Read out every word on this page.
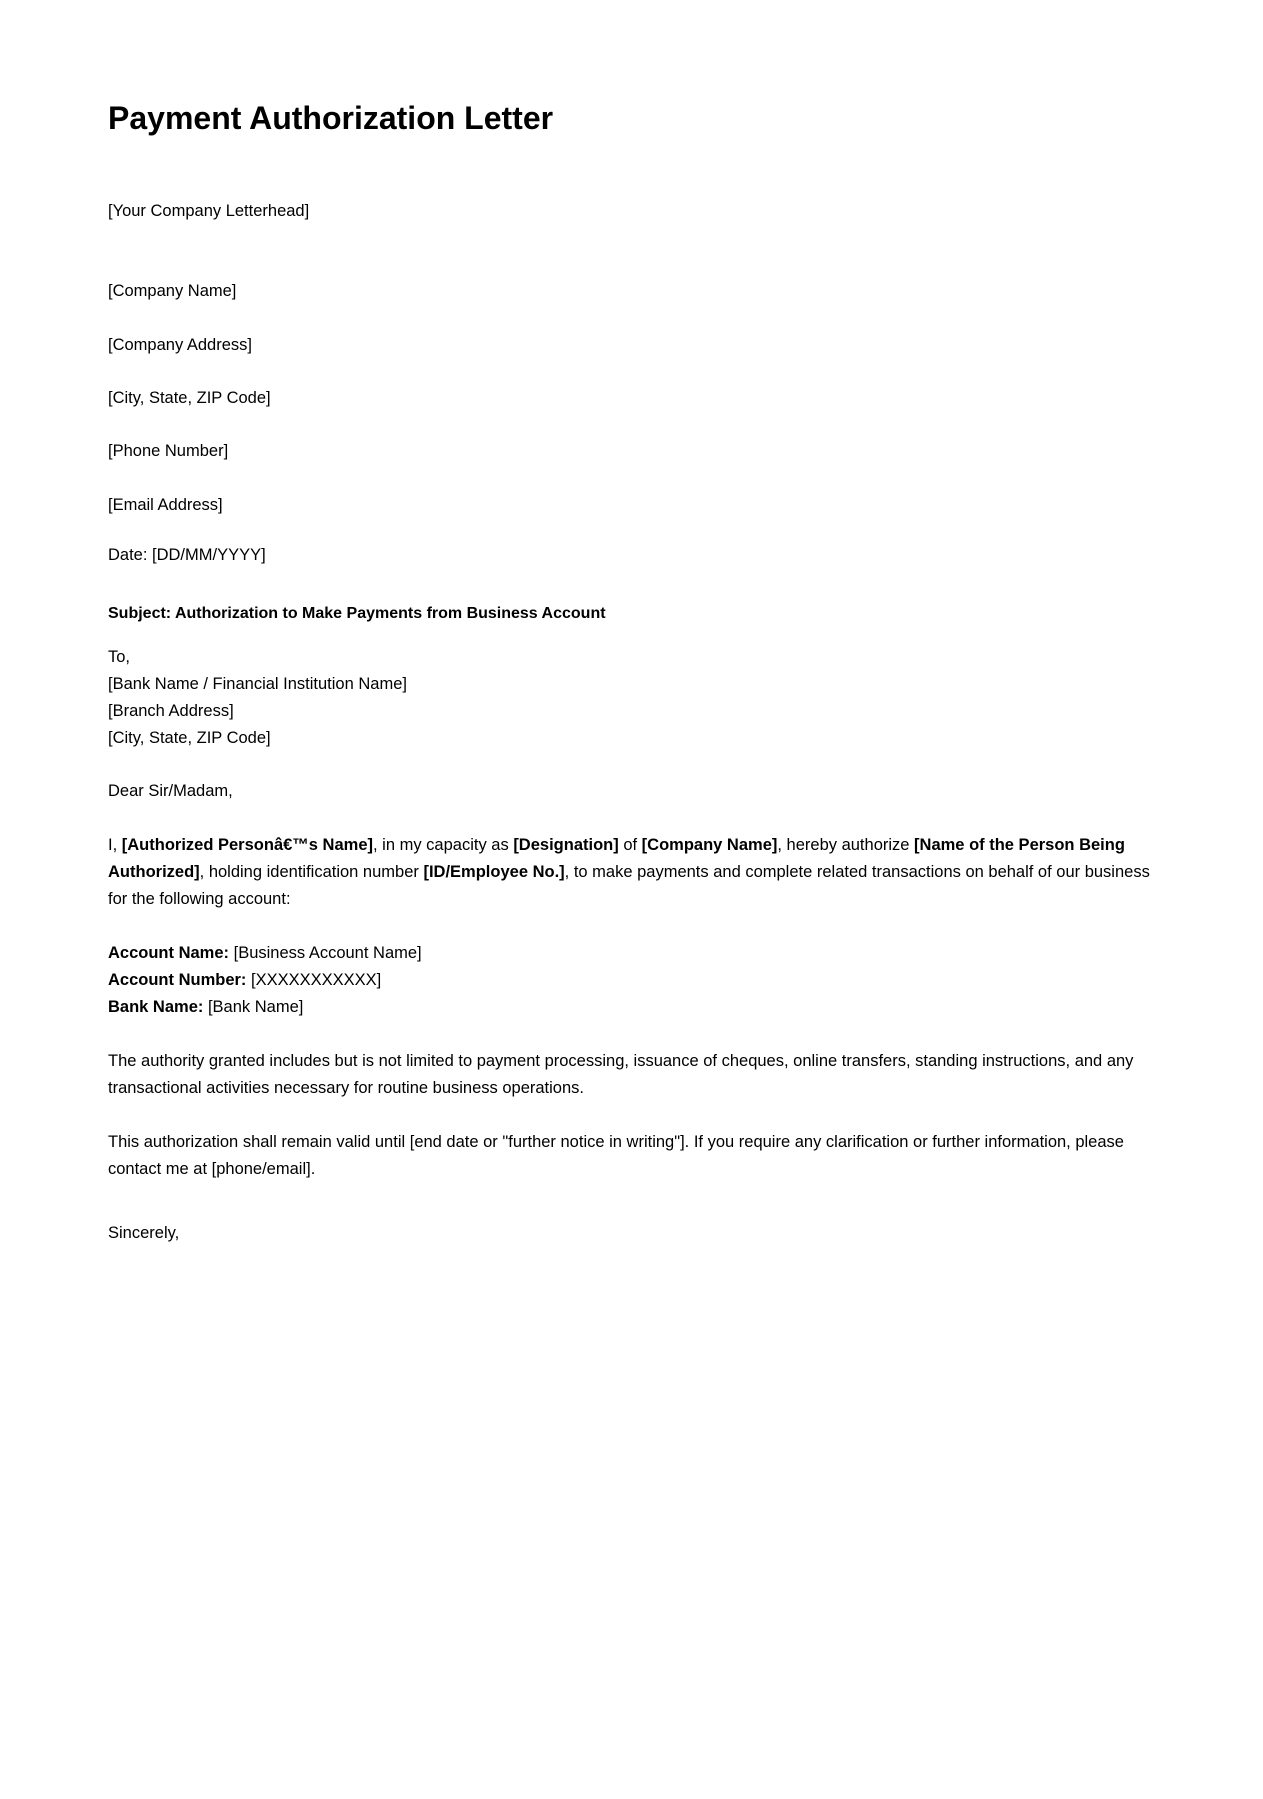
Payment Authorization Letter

[Your Company Letterhead]

[Company Name]

[Company Address]

[City, State, ZIP Code]

[Phone Number]

[Email Address]

Date: [DD/MM/YYYY]

Subject: Authorization to Make Payments from Business Account

To,
[Bank Name / Financial Institution Name]
[Branch Address]
[City, State, ZIP Code]

Dear Sir/Madam,

I, [Authorized Personâ€™s Name], in my capacity as [Designation] of [Company Name], hereby authorize [Name of the Person Being Authorized], holding identification number [ID/Employee No.], to make payments and complete related transactions on behalf of our business for the following account:

Account Name: [Business Account Name]
Account Number: [XXXXXXXXXXX]
Bank Name: [Bank Name]

The authority granted includes but is not limited to payment processing, issuance of cheques, online transfers, standing instructions, and any transactional activities necessary for routine business operations.

This authorization shall remain valid until [end date or "further notice in writing"]. If you require any clarification or further information, please contact me at [phone/email].

Sincerely,
